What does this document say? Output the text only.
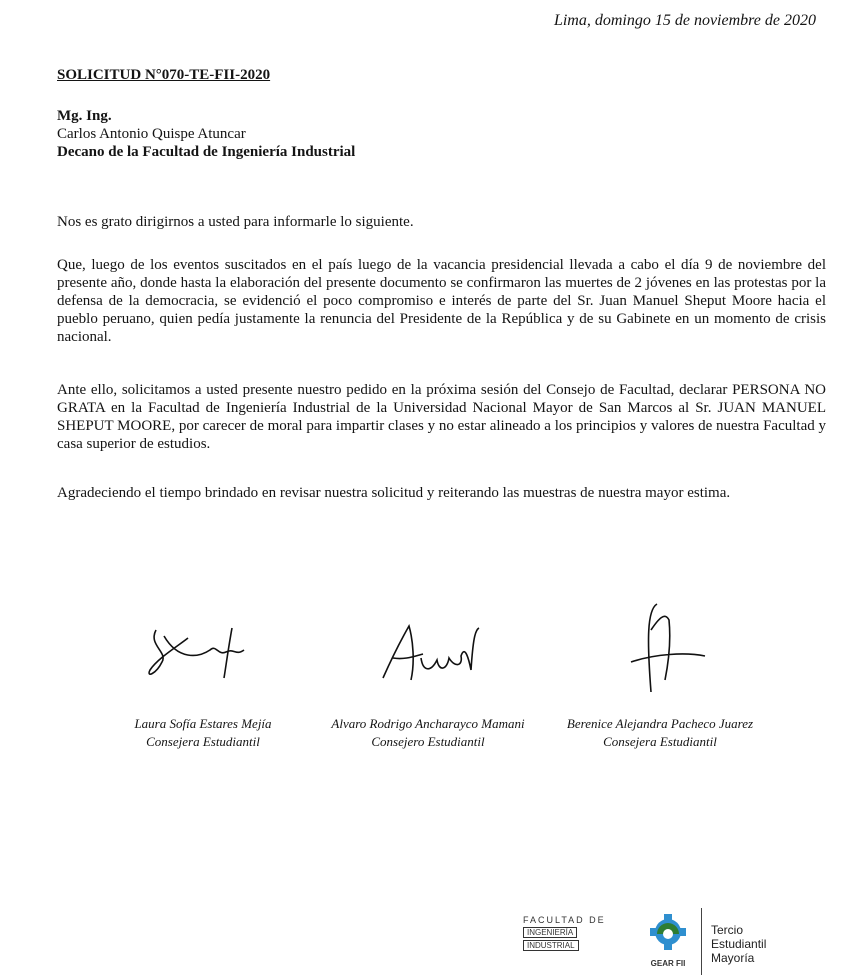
Lima, domingo 15 de noviembre de 2020
SOLICITUD N°070-TE-FII-2020
Mg. Ing.
Carlos Antonio Quispe Atuncar
Decano de la Facultad de Ingeniería Industrial

Nos es grato dirigirnos a usted para informarle lo siguiente.

Que, luego de los eventos suscitados en el país luego de la vacancia presidencial llevada a cabo el día 9 de noviembre del presente año, donde hasta la elaboración del presente documento se confirmaron las muertes de 2 jóvenes en las protestas por la defensa de la democracia, se evidenció el poco compromiso e interés de parte del Sr. Juan Manuel Sheput Moore hacia el pueblo peruano, quien pedía justamente la renuncia del Presidente de la República y de su Gabinete en un momento de crisis nacional.

Ante ello, solicitamos a usted presente nuestro pedido en la próxima sesión del Consejo de Facultad, declarar PERSONA NO GRATA en la Facultad de Ingeniería Industrial de la Universidad Nacional Mayor de San Marcos al Sr. JUAN MANUEL SHEPUT MOORE, por carecer de moral para impartir clases y no estar alineado a los principios y valores de nuestra Facultad y casa superior de estudios.

Agradeciendo el tiempo brindado en revisar nuestra solicitud y reiterando las muestras de nuestra mayor estima.

Laura Sofía Estares Mejía
Consejera Estudiantil
Alvaro Rodrigo Ancharayco Mamani
Consejero Estudiantil
Berenice Alejandra Pacheco Juarez
Consejera Estudiantil
FACULTAD DE
INGENIERÍA
INDUSTRIAL
GEAR FII
Tercio
Estudiantil
Mayoría
